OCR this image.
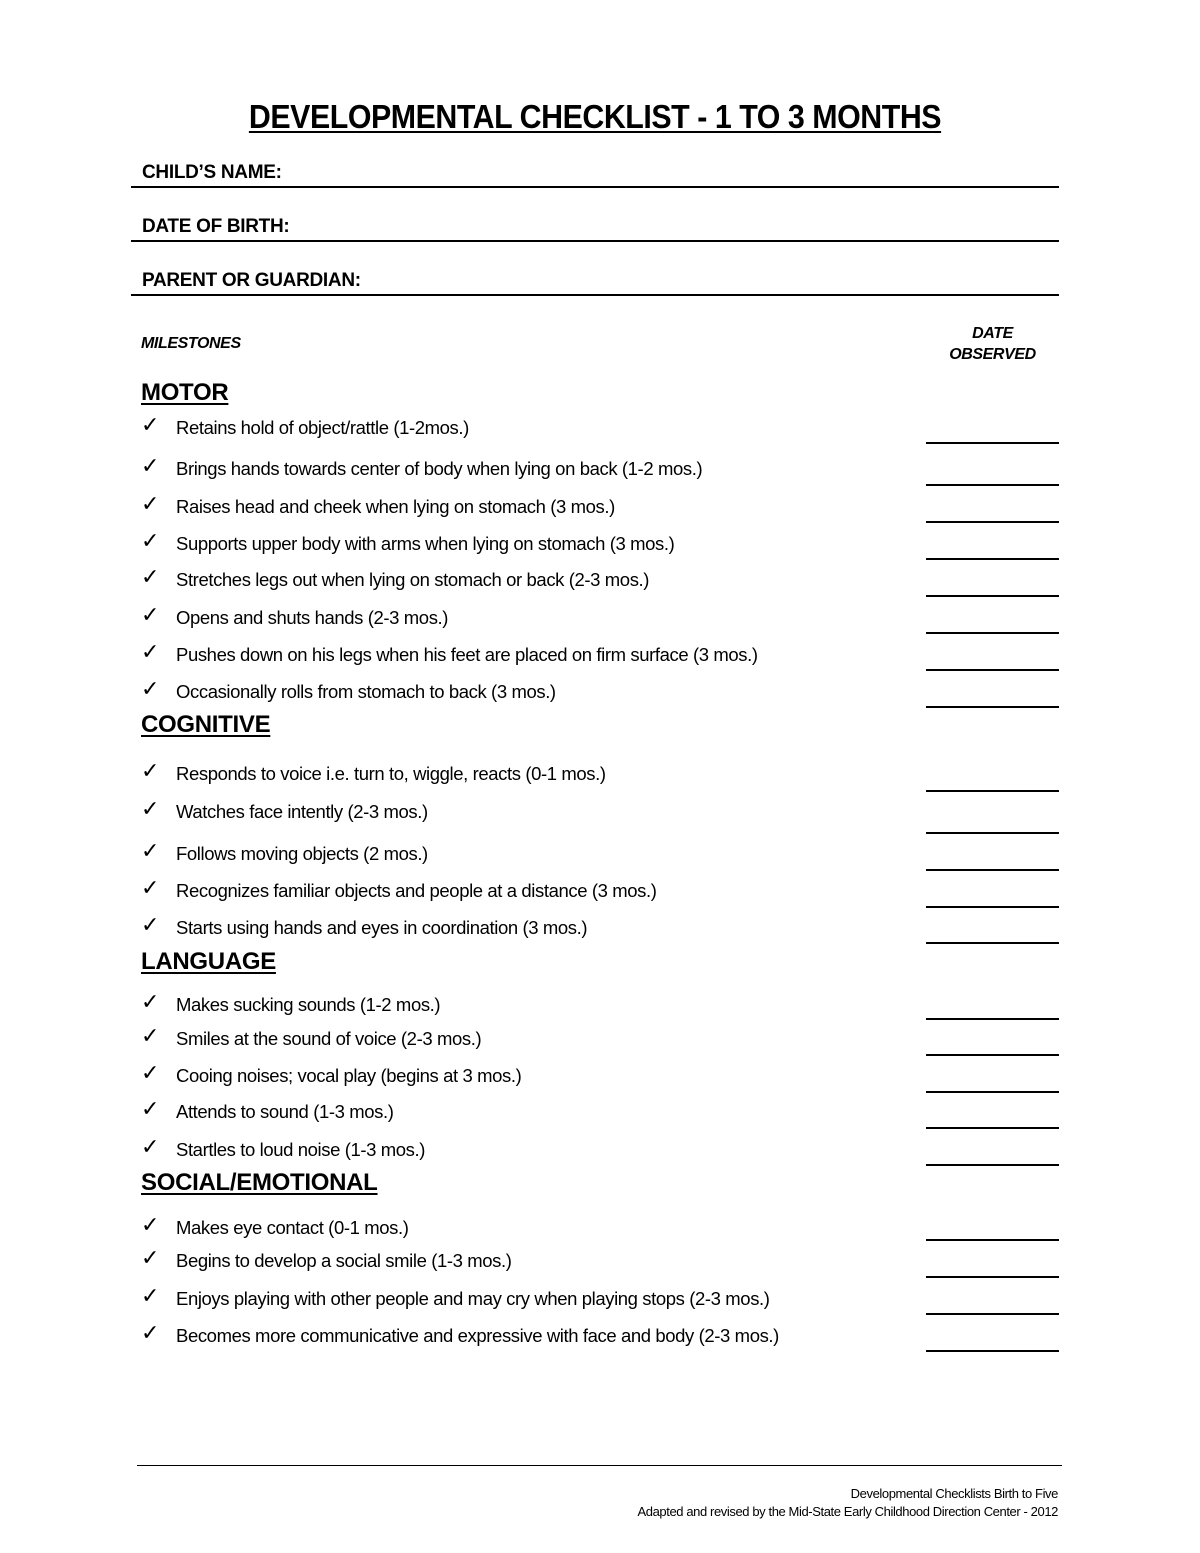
DEVELOPMENTAL CHECKLIST - 1 TO 3 MONTHS
CHILD’S NAME:
DATE OF BIRTH:
PARENT OR GUARDIAN:
MILESTONES
DATE
OBSERVED
MOTOR
✓ Retains hold of object/rattle (1-2mos.)
✓ Brings hands towards center of body when lying on back (1-2 mos.)
✓ Raises head and cheek when lying on stomach (3 mos.)
✓ Supports upper body with arms when lying on stomach (3 mos.)
✓ Stretches legs out when lying on stomach or back (2-3 mos.)
✓ Opens and shuts hands (2-3 mos.)
✓ Pushes down on his legs when his feet are placed on firm surface (3 mos.)
✓ Occasionally rolls from stomach to back (3 mos.)
COGNITIVE
✓ Responds to voice i.e. turn to, wiggle, reacts (0-1 mos.)
✓ Watches face intently (2-3 mos.)
✓ Follows moving objects (2 mos.)
✓ Recognizes familiar objects and people at a distance (3 mos.)
✓ Starts using hands and eyes in coordination (3 mos.)
LANGUAGE
✓ Makes sucking sounds (1-2 mos.)
✓ Smiles at the sound of voice (2-3 mos.)
✓ Cooing noises; vocal play (begins at 3 mos.)
✓ Attends to sound (1-3 mos.)
✓ Startles to loud noise (1-3 mos.)
SOCIAL/EMOTIONAL
✓ Makes eye contact (0-1 mos.)
✓ Begins to develop a social smile (1-3 mos.)
✓ Enjoys playing with other people and may cry when playing stops (2-3 mos.)
✓ Becomes more communicative and expressive with face and body (2-3 mos.)
Developmental Checklists Birth to Five
Adapted and revised by the Mid-State Early Childhood Direction Center - 2012
